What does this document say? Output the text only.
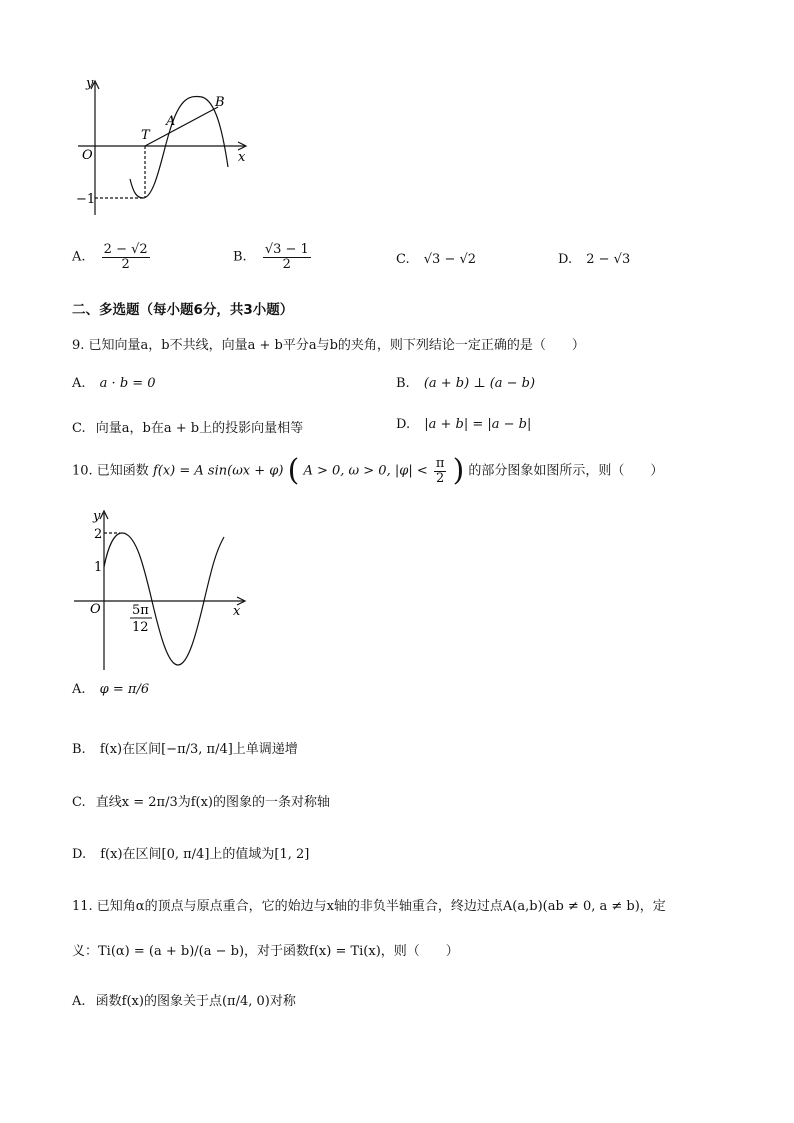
y
x
O
T
A
B
−1
A. $\frac{2 - √2}{2}$	B. $\frac{√3 - 1}{2}$	C. √3 − √2	D. 2 − √3
二、多选题（每小题6分，共3小题）
9. 已知向量a，b不共线，向量a + b平分a与b的夹角，则下列结论一定正确的是（　　）
A. a · b = 0	B. (a + b) ⊥ (a − b)
C. 向量a，b在a + b上的投影向量相等	D. |a + b| = |a − b|
10. 已知函数 f(x) = A sin(ωx + φ) ( A > 0, ω > 0, $|\varphi| < \frac{\pi}{2}$ ) 的部分图象如图所示，则（　　）
y
x
O
2
1
5π
12
A. φ = π/6
B. f(x)在区间[−π/3, π/4]上单调递增
C. 直线x = 2π/3为f(x)的图象的一条对称轴
D. f(x)在区间[0, π/4]上的值域为[1, 2]
11. 已知角α的顶点与原点重合，它的始边与x轴的非负半轴重合，终边过点A(a,b)(ab ≠ 0, a ≠ b)，定
义：Ti(α) = (a + b)/(a − b)，对于函数f(x) = Ti(x)，则（　　）
A. 函数f(x)的图象关于点(π/4, 0)对称
